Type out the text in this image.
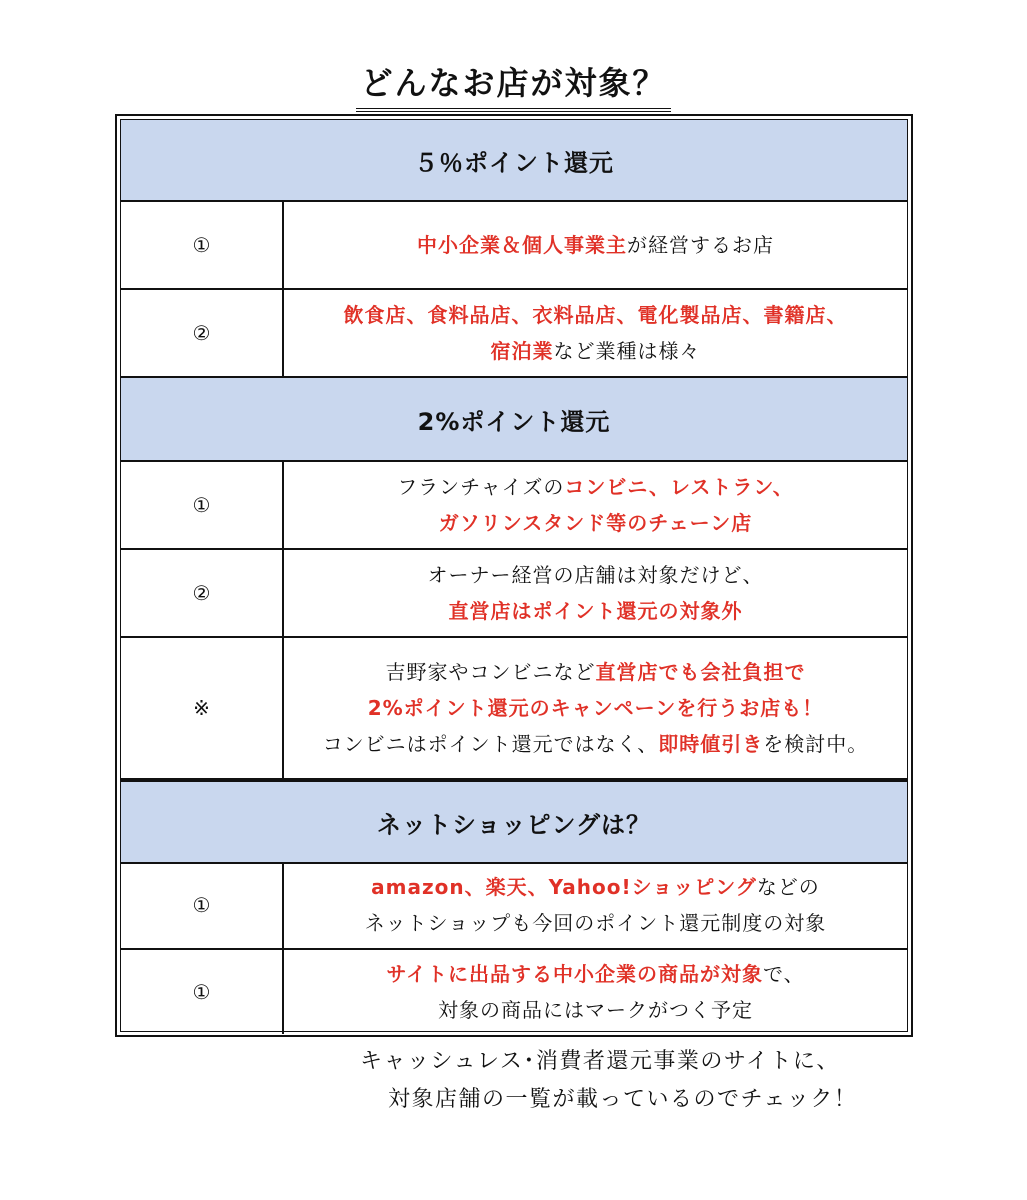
どんなお店が対象？
５％ポイント還元
①	中小企業＆個人事業主が経営するお店
②
飲食店、食料品店、衣料品店、電化製品店、書籍店、
宿泊業など業種は様々
2%ポイント還元
①
フランチャイズのコンビニ、レストラン、
ガソリンスタンド等のチェーン店
②
オーナー経営の店舗は対象だけど、
直営店はポイント還元の対象外
※
吉野家やコンビニなど直営店でも会社負担で
2%ポイント還元のキャンペーンを行うお店も！
コンビニはポイント還元ではなく、即時値引きを検討中。
ネットショッピングは？
①
amazon、楽天、Yahoo!ショッピングなどの
ネットショップも今回のポイント還元制度の対象
①
サイトに出品する中小企業の商品が対象で、
対象の商品にはマークがつく予定
キャッシュレス･消費者還元事業のサイトに、
対象店舗の一覧が載っているのでチェック！
